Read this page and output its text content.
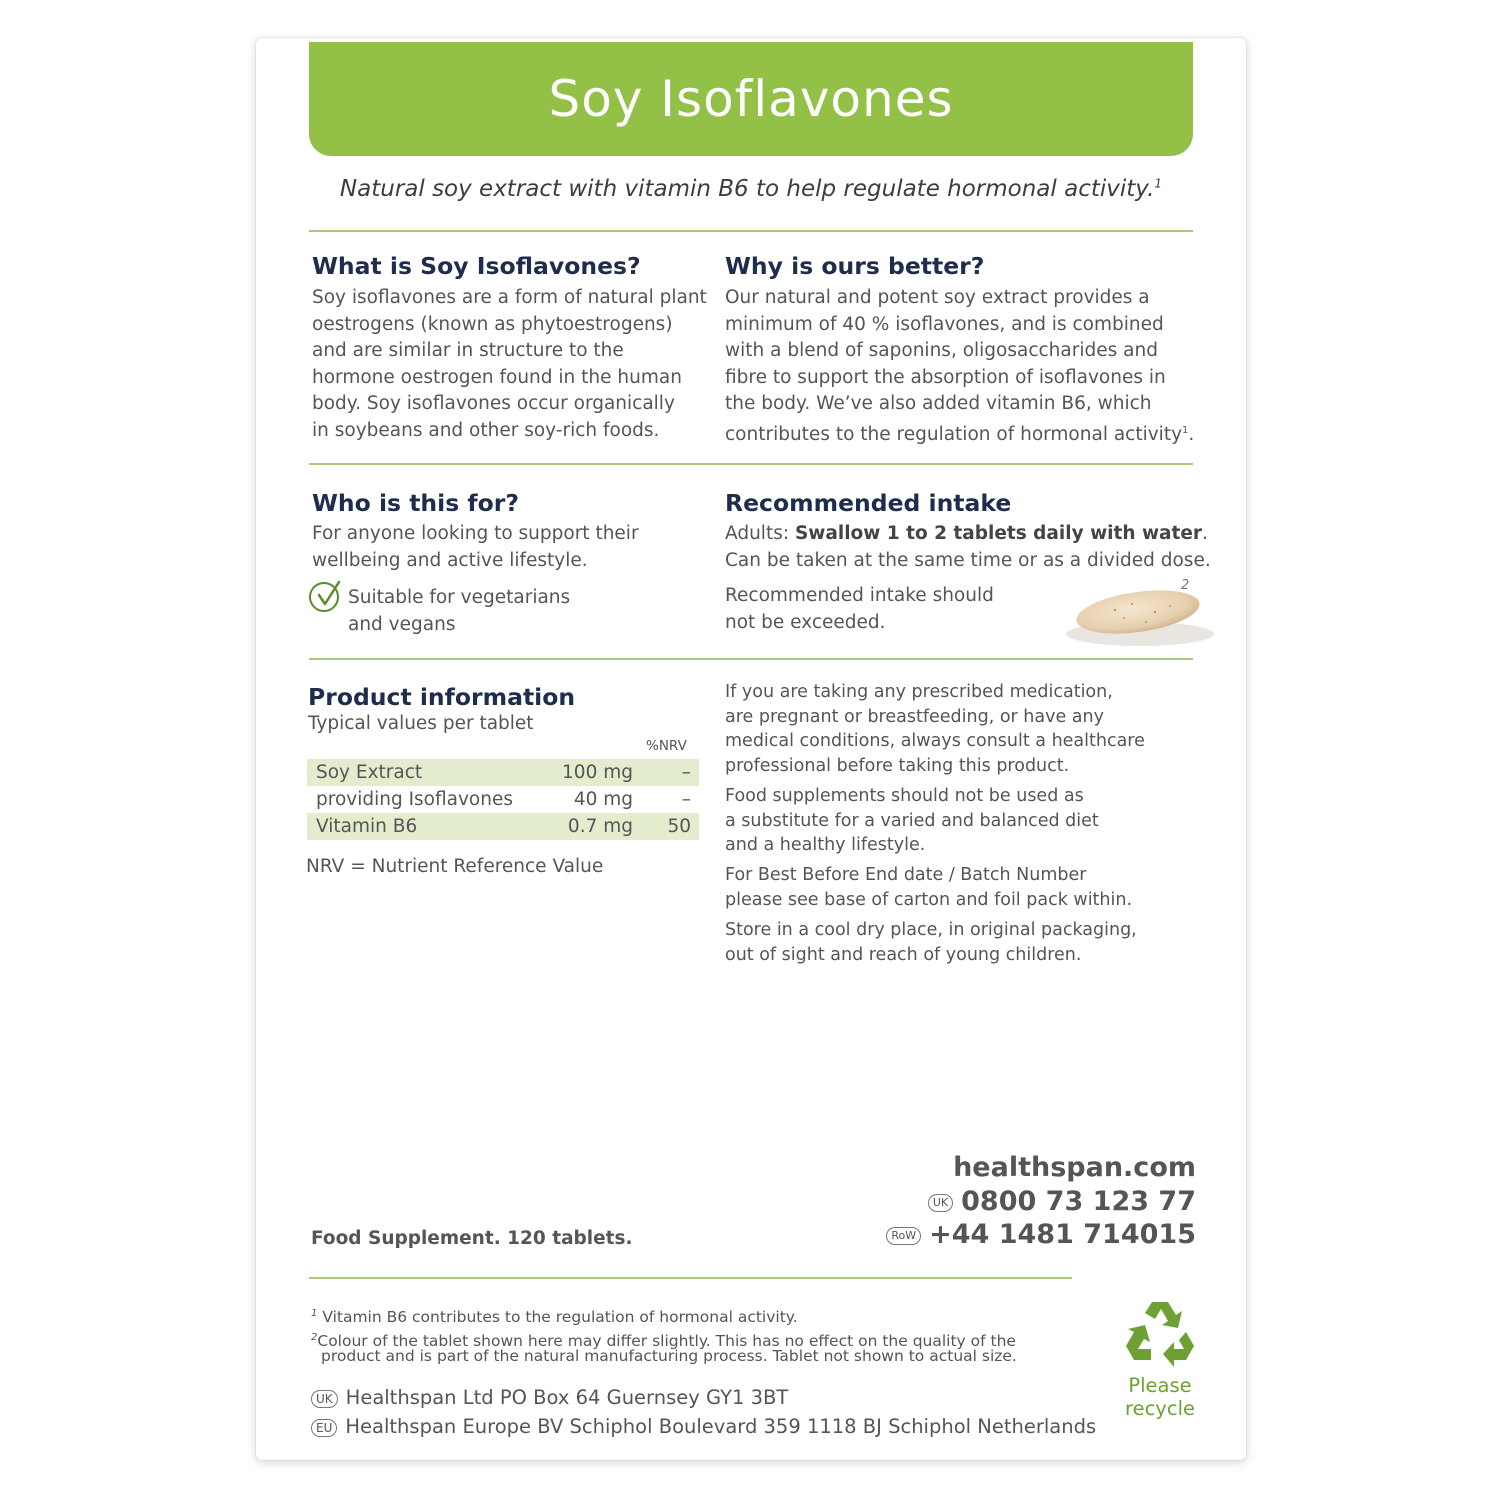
Soy Isoflavones
Natural soy extract with vitamin B6 to help regulate hormonal activity.$^1$
What is Soy Isoflavones?
Soy isoflavones are a form of natural plant
oestrogens (known as phytoestrogens)
and are similar in structure to the
hormone oestrogen found in the human
body. Soy isoflavones occur organically
in soybeans and other soy-rich foods.
Why is ours better?
Our natural and potent soy extract provides a
minimum of 40 % isoflavones, and is combined
with a blend of saponins, oligosaccharides and
fibre to support the absorption of isoflavones in
the body. We’ve also added vitamin B6, which
contributes to the regulation of hormonal activity$^1$.
Who is this for?
For anyone looking to support their
wellbeing and active lifestyle.
Suitable for vegetarians
and vegans
Recommended intake
Adults: Swallow 1 to 2 tablets daily with water.
Can be taken at the same time or as a divided dose.
Recommended intake should
not be exceeded.
2
Product information
Typical values per tablet
%NRV
Soy Extract	100 mg	–
providing Isoflavones	40 mg	–
Vitamin B6	0.7 mg	50
NRV = Nutrient Reference Value
If you are taking any prescribed medication,
are pregnant or breastfeeding, or have any
medical conditions, always consult a healthcare
professional before taking this product.
Food supplements should not be used as
a substitute for a varied and balanced diet
and a healthy lifestyle.
For Best Before End date / Batch Number
please see base of carton and foil pack within.
Store in a cool dry place, in original packaging,
out of sight and reach of young children.
healthspan.com
UK 0800 73 123 77
RoW +44 1481 714015
Food Supplement. 120 tablets.
$^1$ Vitamin B6 contributes to the regulation of hormonal activity.
$^2$Colour of the tablet shown here may differ slightly. This has no effect on the quality of the
product and is part of the natural manufacturing process. Tablet not shown to actual size.
UK Healthspan Ltd PO Box 64 Guernsey GY1 3BT
EU Healthspan Europe BV Schiphol Boulevard 359 1118 BJ Schiphol Netherlands
Please
recycle
